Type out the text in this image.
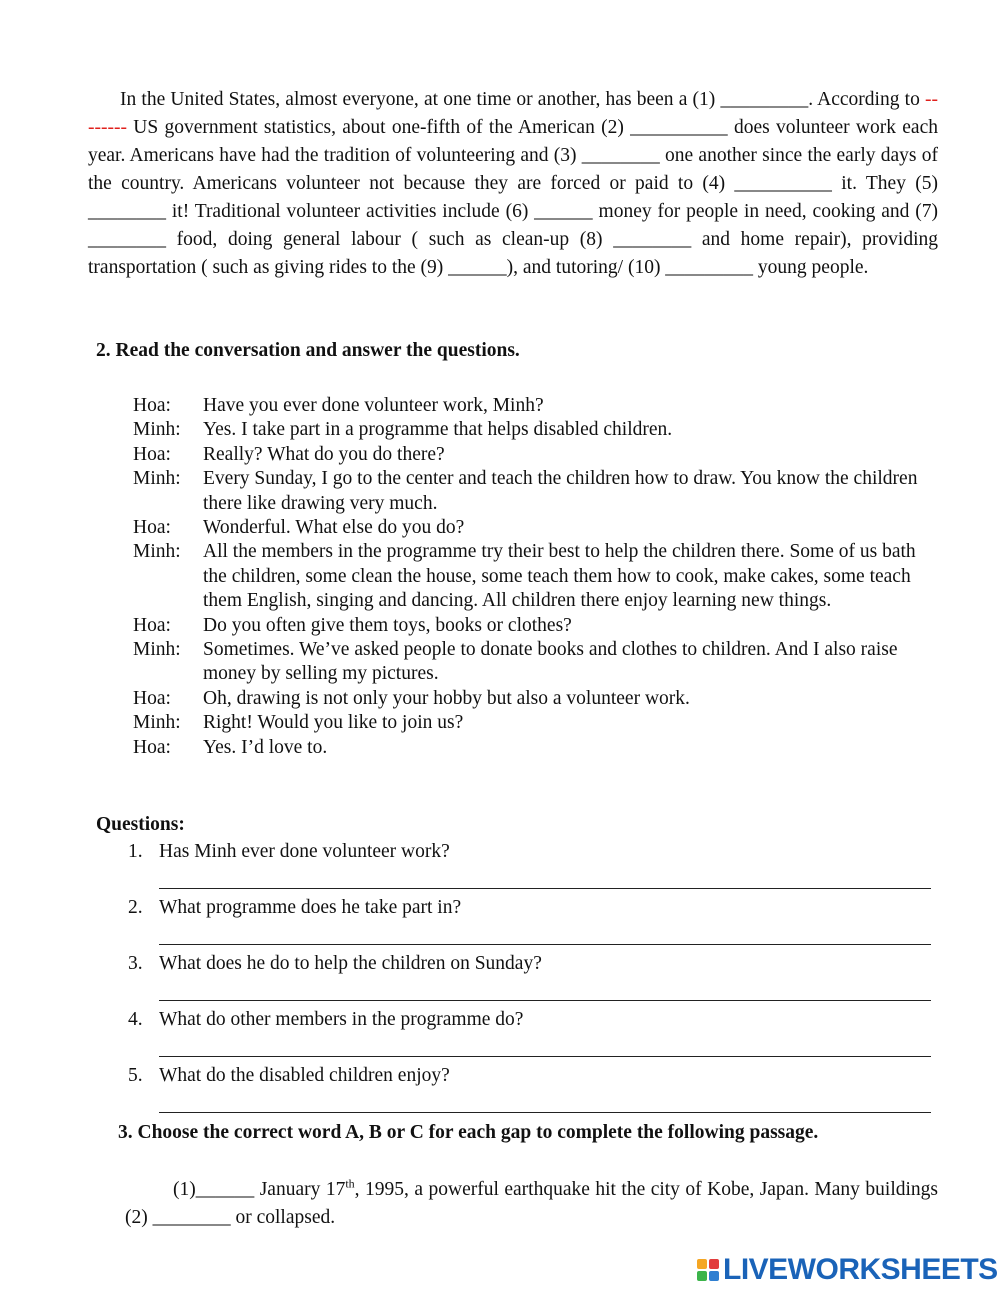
In the United States, almost everyone, at one time or another, has been a (1) _________. According to -------- US government statistics, about one-fifth of the American (2) __________ does volunteer work each year. Americans have had the tradition of volunteering and (3) ________ one another since the early days of the country. Americans volunteer not because they are forced or paid to (4) __________ it. They (5) ________ it! Traditional volunteer activities include (6) ______ money for people in need, cooking and (7) ________ food, doing general labour ( such as clean-up (8) ________ and home repair), providing transportation ( such as giving rides to the (9) ______), and tutoring/ (10) _________ young people.

2. Read the conversation and answer the questions.

Hoa:	Have you ever done volunteer work, Minh?
Minh:	Yes. I take part in a programme that helps disabled children.
Hoa:	Really? What do you do there?
Minh:	Every Sunday, I go to the center and teach the children how to draw. You know the children there like drawing very much.
Hoa:	Wonderful. What else do you do?
Minh:	All the members in the programme try their best to help the children there. Some of us bath the children, some clean the house, some teach them how to cook, make cakes, some teach them English, singing and dancing. All children there enjoy learning new things.
Hoa:	Do you often give them toys, books or clothes?
Minh:	Sometimes. We’ve asked people to donate books and clothes to children. And I also raise money by selling my pictures.
Hoa:	Oh, drawing is not only your hobby but also a volunteer work.
Minh:	Right! Would you like to join us?
Hoa:	Yes. I’d love to.

Questions:

1. Has Minh ever done volunteer work?
2. What programme does he take part in?
3. What does he do to help the children on Sunday?
4. What do other members in the programme do?
5. What do the disabled children enjoy?

3. Choose the correct word A, B or C for each gap to complete the following passage.

(1)______ January 17th, 1995, a powerful earthquake hit the city of Kobe, Japan. Many buildings (2) ________ or collapsed.

LIVEWORKSHEETS
